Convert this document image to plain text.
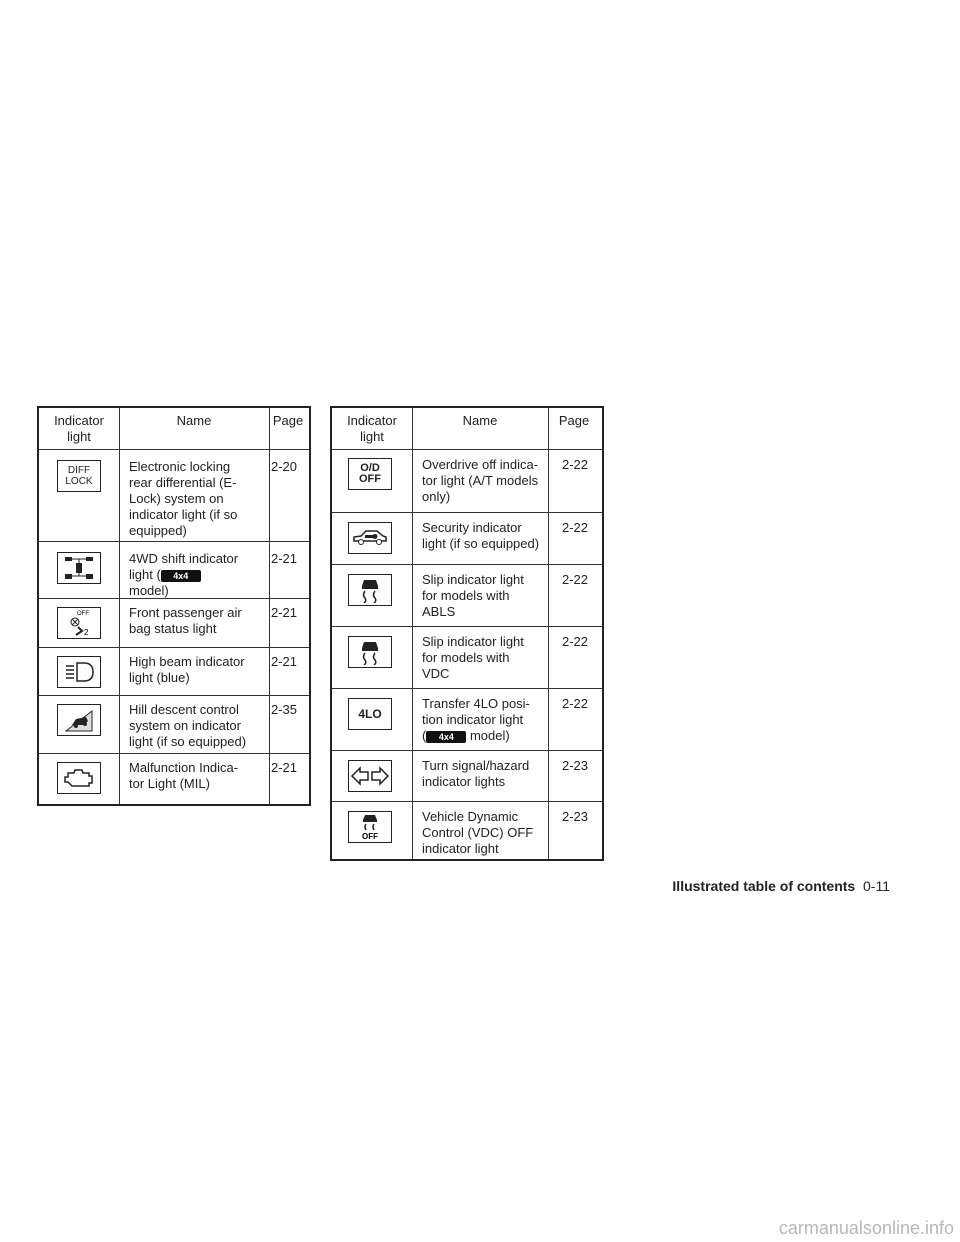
Indicator
light
Name	Page
DIFF
LOCK
Electronic locking
rear differential (E-
Lock) system on
indicator light (if so
equipped)
2-20
4WD shift indicator
light ( 4x4
model)
2-21
OFF
2
Front passenger air
bag status light
2-21
High beam indicator
light (blue)
2-21
Hill descent control
system on indicator
light (if so equipped)
2-35
Malfunction Indica-
tor Light (MIL)
2-21
Indicator
light
Name	Page
O/D
OFF
Overdrive off indica-
tor light (A/T models
only)
2-22
Security indicator
light (if so equipped)
2-22
Slip indicator light
for models with
ABLS
2-22
Slip indicator light
for models with
VDC
2-22
4LO
Transfer 4LO posi-
tion indicator light
( 4x4 model)
2-22
Turn signal/hazard
indicator lights
2-23
OFF
Vehicle Dynamic
Control (VDC) OFF
indicator light
2-23
Illustrated table of contents 0-11
carmanualsonline.info
